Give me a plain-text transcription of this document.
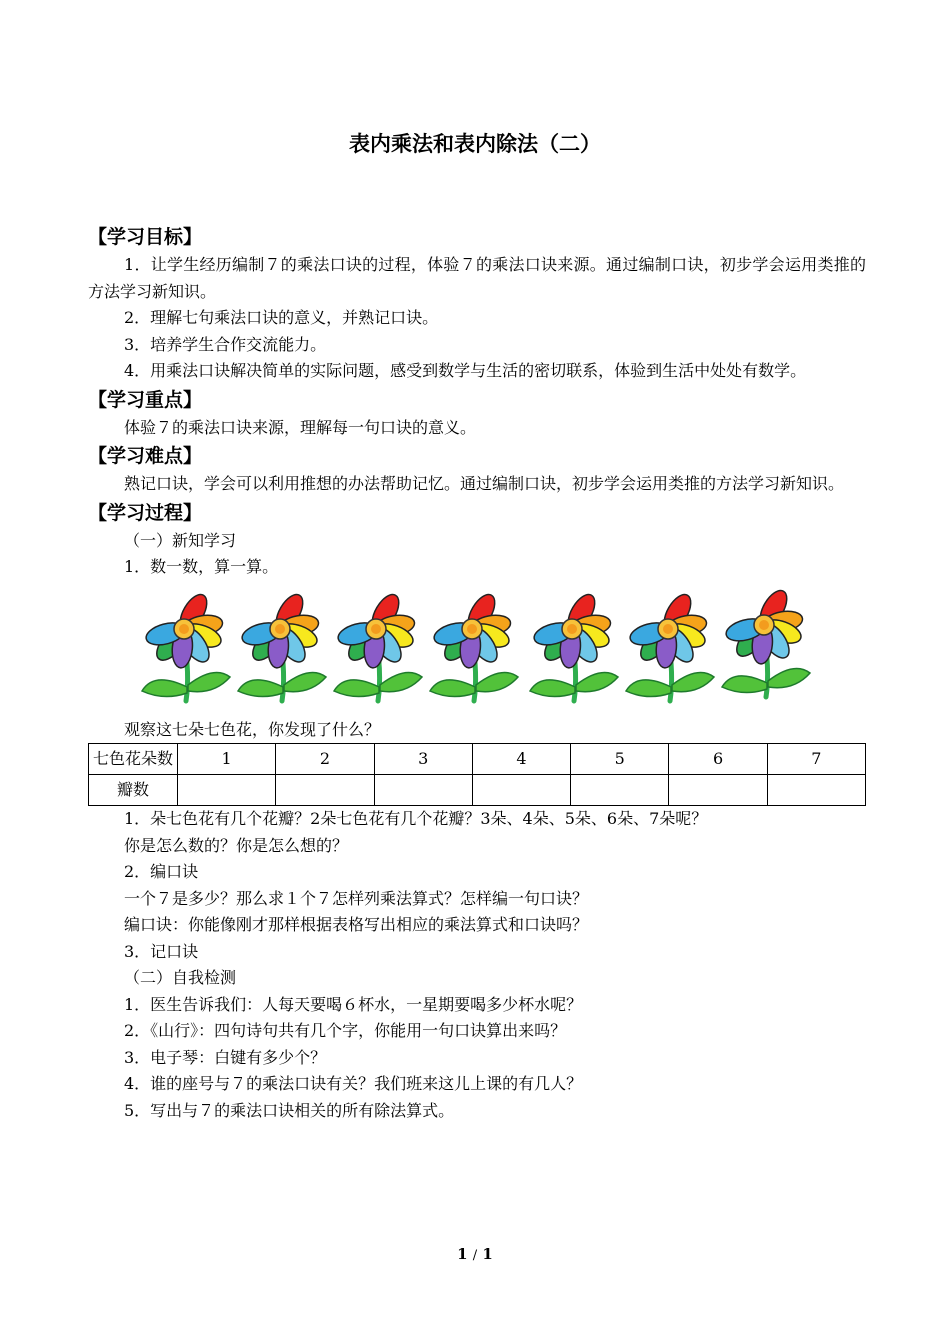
表内乘法和表内除法（二）
【学习目标】

1．让学生经历编制７的乘法口诀的过程，体验７的乘法口诀来源。通过编制口诀，初步学会运用类推的方法学习新知识。

2．理解七句乘法口诀的意义，并熟记口诀。

3．培养学生合作交流能力。

4．用乘法口诀解决简单的实际问题，感受到数学与生活的密切联系，体验到生活中处处有数学。

【学习重点】

体验７的乘法口诀来源，理解每一句口诀的意义。

【学习难点】

熟记口诀，学会可以利用推想的办法帮助记忆。通过编制口诀，初步学会运用类推的方法学习新知识。

【学习过程】

（一）新知学习

1．数一数，算一算。

观察这七朵七色花，你发现了什么？

七色花朵数	1	2	3	4	5	6	7
瓣数							

1．朵七色花有几个花瓣？2朵七色花有几个花瓣？3朵、4朵、5朵、6朵、7朵呢？

你是怎么数的？你是怎么想的？

2．编口诀

一个７是多少？那么求１个７怎样列乘法算式？怎样编一句口诀？

编口诀：你能像刚才那样根据表格写出相应的乘法算式和口诀吗？

3．记口诀

（二）自我检测

1．医生告诉我们：人每天要喝６杯水，一星期要喝多少杯水呢？

2．《山行》：四句诗句共有几个字，你能用一句口诀算出来吗？

3．电子琴：白键有多少个？

4．谁的座号与７的乘法口诀有关？我们班来这儿上课的有几人？

5．写出与７的乘法口诀相关的所有除法算式。

1 / 1
